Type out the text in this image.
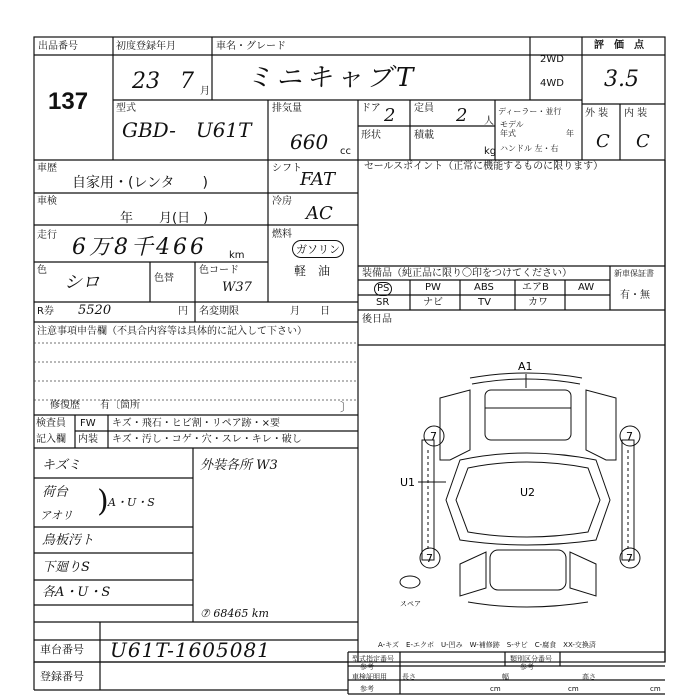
出品番号
137
初度登録年月
23 7 月
車名・グレード
ミニキャブT
2WD
4WD
評　価　点
3.5
型式
GBD-　U61T
排気量
660 cc
ドア 2 定員 2 人
形状	積載
kg
ディーラー・並行
モデル
年式	年
ハンドル 左・右
外 装 内 装
C C
車歴
自家用・(レンタ　　)
シフト
FAT
車検
年　　月(日　)
冷房
AC
走行 6万8千466 km
燃料
ガソリン
軽　油
色
シロ	色替
色コード
W37
R券 5520	円 名変期限	月　　日
注意事項申告欄（不具合内容等は具体的に記入して下さい）
修復歴　　有〔箇所	〕
検査員
記入欄
FW
内装
キズ・飛石・ヒビ割・リペア跡・×要
キズ・汚し・コゲ・穴・スレ・キレ・破し
キズミ
荷台
アオリ ) A・U・S
鳥板汚ト
下廻りS
各A・U・S
外装各所 W3
⑦ 68465 km
セールスポイント（正常に機能するものに限ります）
装備品（純正品に限り〇印をつけてください）	新車保証書
有・無
PS	PW	ABS	エアB	AW
SR	ナビ	TV	カワ
後日品
A1
U1
U2
7	7
7	7
スペア
A-キズ　E-エクボ　U-凹み　W-補修跡　S-サビ　C-腐食　XX-交換済
車台番号 U61T-1605081
登録番号
型式指定番号
参考
類別区分番号
参考
車検証明用
参考
長さ
cm
幅
cm
高さ
cm
